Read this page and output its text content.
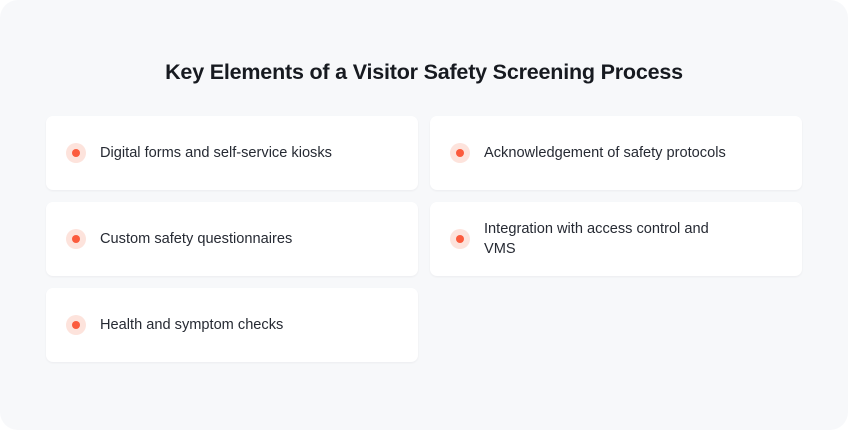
Key Elements of a Visitor Safety Screening Process
Digital forms and self-service kiosks	Acknowledgement of safety protocols
Custom safety questionnaires
Integration with access control and VMS
Health and symptom checks
